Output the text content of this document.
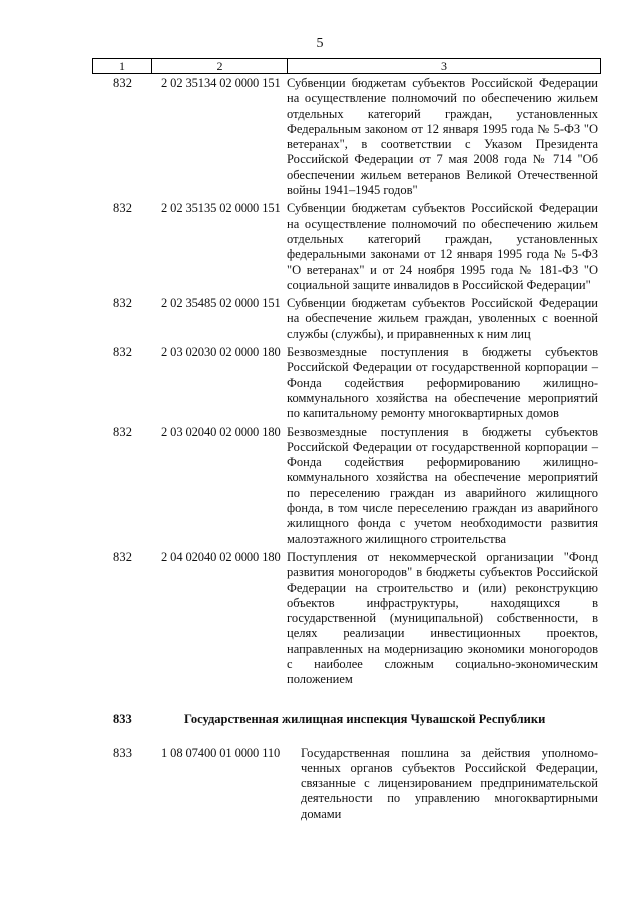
5
1	2	3
832 2 02 35134 02 0000 151 Субвенции бюджетам субъектов Российской Федерации на осуществление полномочий по обеспечению жильем отдельных категорий граждан, установленных Федеральным законом от 12 января 1995 года № 5-ФЗ "О ветеранах", в соответствии с Указом Президента Российской Федерации от 7 мая 2008 года № 714 "Об обеспечении жильем ветеранов Великой Отечественной войны 1941–1945 годов"
832 2 02 35135 02 0000 151 Субвенции бюджетам субъектов Российской Федерации на осуществление полномочий по обеспечению жильем отдельных категорий граждан, установленных федеральными законами от 12 января 1995 года № 5-ФЗ "О ветеранах" и от 24 ноября 1995 года № 181-ФЗ "О социальной защите инвалидов в Российской Федерации"
832 2 02 35485 02 0000 151 Субвенции бюджетам субъектов Российской Федерации на обеспечение жильем граждан, уволенных с военной службы (службы), и приравненных к ним лиц
832 2 03 02030 02 0000 180 Безвозмездные поступления в бюджеты субъектов Российской Федерации от государственной корпорации – Фонда содействия реформированию жилищно-коммунального хозяйства на обеспечение мероприятий по капитальному ремонту многоквартирных домов
832 2 03 02040 02 0000 180 Безвозмездные поступления в бюджеты субъектов Российской Федерации от государственной корпорации – Фонда содействия реформированию жилищно-коммунального хозяйства на обеспечение мероприятий по переселению граждан из аварийного жилищного фонда, в том числе переселению граждан из аварийного жилищного фонда с учетом необходимости развития малоэтажного жилищного строительства
832 2 04 02040 02 0000 180 Поступления от некоммерческой организации "Фонд развития моногородов" в бюджеты субъектов Российской Федерации на строительство и (или) реконструкцию объектов инфраструктуры, находящихся в государственной (муниципальной) собственности, в целях реализации инвестиционных проектов, направленных на модернизацию экономики моногородов с наиболее сложным социально-экономическим положением
833	Государственная жилищная инспекция Чувашской Республики
833 1 08 07400 01 0000 110 Государственная пошлина за действия уполномоченных органов субъектов Российской Федерации, связанные с лицензированием предпринимательской деятельности по управлению многоквартирными домами
